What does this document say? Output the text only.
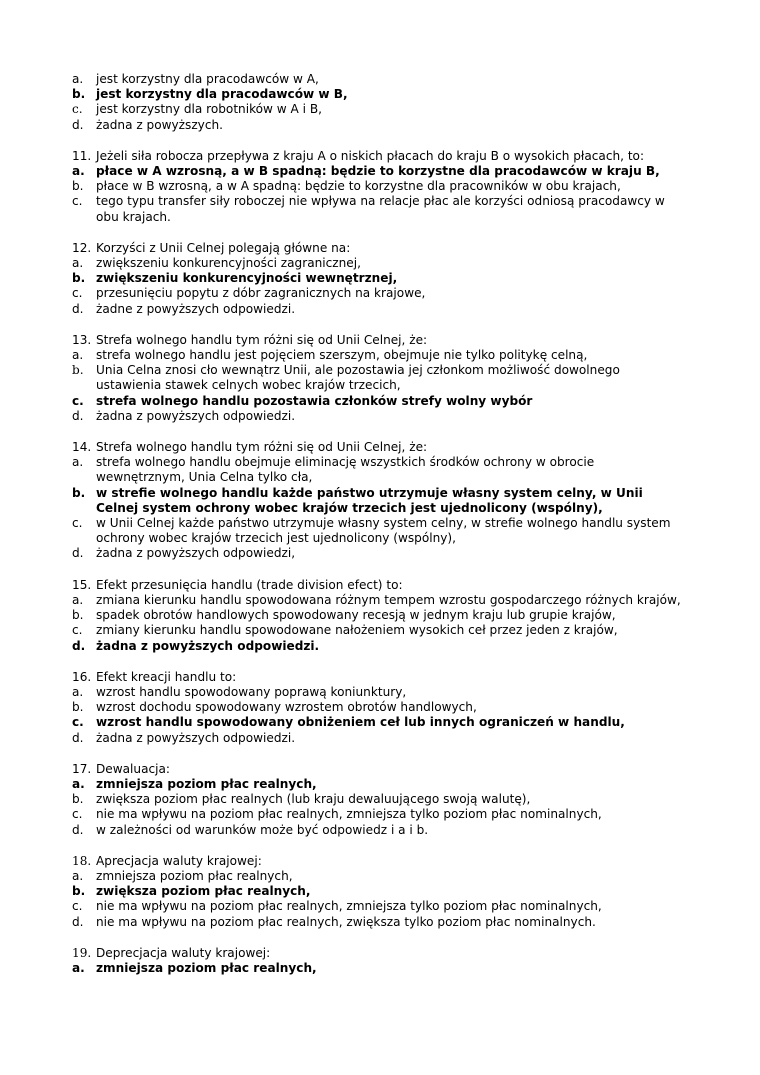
a.	jest korzystny dla pracodawców w A,
b. jest korzystny dla pracodawców w B,
c.	jest korzystny dla robotników w A i B,
d.	żadna z powyższych.
11. Jeżeli siła robocza przepływa z kraju A o niskich płacach do kraju B o wysokich płacach, to:
a. płace w A wzrosną, a w B spadną: będzie to korzystne dla pracodawców w kraju B,
b.	płace w B wzrosną, a w A spadną: będzie to korzystne dla pracowników w obu krajach,
c.	tego typu transfer siły roboczej nie wpływa na relacje płac ale korzyści odniosą pracodawcy w obu krajach.
12. Korzyści z Unii Celnej polegają główne na:
a.	zwiększeniu konkurencyjności zagranicznej,
b. zwiększeniu konkurencyjności wewnętrznej,
c.	przesunięciu popytu z dóbr zagranicznych na krajowe,
d.	żadne z powyższych odpowiedzi.
13. Strefa wolnego handlu tym różni się od Unii Celnej, że:
a.	strefa wolnego handlu jest pojęciem szerszym, obejmuje nie tylko politykę celną,
b.	Unia Celna znosi cło wewnątrz Unii, ale pozostawia jej członkom możliwość dowolnego ustawienia stawek celnych wobec krajów trzecich,
c.	strefa wolnego handlu pozostawia członków strefy wolny wybór
d.	żadna z powyższych odpowiedzi.
14. Strefa wolnego handlu tym różni się od Unii Celnej, że:
a.	strefa wolnego handlu obejmuje eliminację wszystkich środków ochrony w obrocie wewnętrznym, Unia Celna tylko cła,
b. w strefie wolnego handlu każde państwo utrzymuje własny system celny, w Unii Celnej system ochrony wobec krajów trzecich jest ujednolicony (wspólny),
c.	w Unii Celnej każde państwo utrzymuje własny system celny, w strefie wolnego handlu system ochrony wobec krajów trzecich jest ujednolicony (wspólny),
d.	żadna z powyższych odpowiedzi,
15. Efekt przesunięcia handlu (trade division efect) to:
a.	zmiana kierunku handlu spowodowana różnym tempem wzrostu gospodarczego różnych krajów,
b.	spadek obrotów handlowych spowodowany recesją w jednym kraju lub grupie krajów,
c.	zmiany kierunku handlu spowodowane nałożeniem wysokich ceł przez jeden z krajów,
d. żadna z powyższych odpowiedzi.
16. Efekt kreacji handlu to:
a.	wzrost handlu spowodowany poprawą koniunktury,
b.	wzrost dochodu spowodowany wzrostem obrotów handlowych,
c.	wzrost handlu spowodowany obniżeniem ceł lub innych ograniczeń w handlu,
d.	żadna z powyższych odpowiedzi.
17. Dewaluacja:
a. zmniejsza poziom płac realnych,
b.	zwiększa poziom płac realnych (lub kraju dewaluującego swoją walutę),
c.	nie ma wpływu na poziom płac realnych, zmniejsza tylko poziom płac nominalnych,
d.	w zależności od warunków może być odpowiedz i a i b.
18. Aprecjacja waluty krajowej:
a.	zmniejsza poziom płac realnych,
b. zwiększa poziom płac realnych,
c.	nie ma wpływu na poziom płac realnych, zmniejsza tylko poziom płac nominalnych,
d.	nie ma wpływu na poziom płac realnych, zwiększa tylko poziom płac nominalnych.
19. Deprecjacja waluty krajowej:
a. zmniejsza poziom płac realnych,
